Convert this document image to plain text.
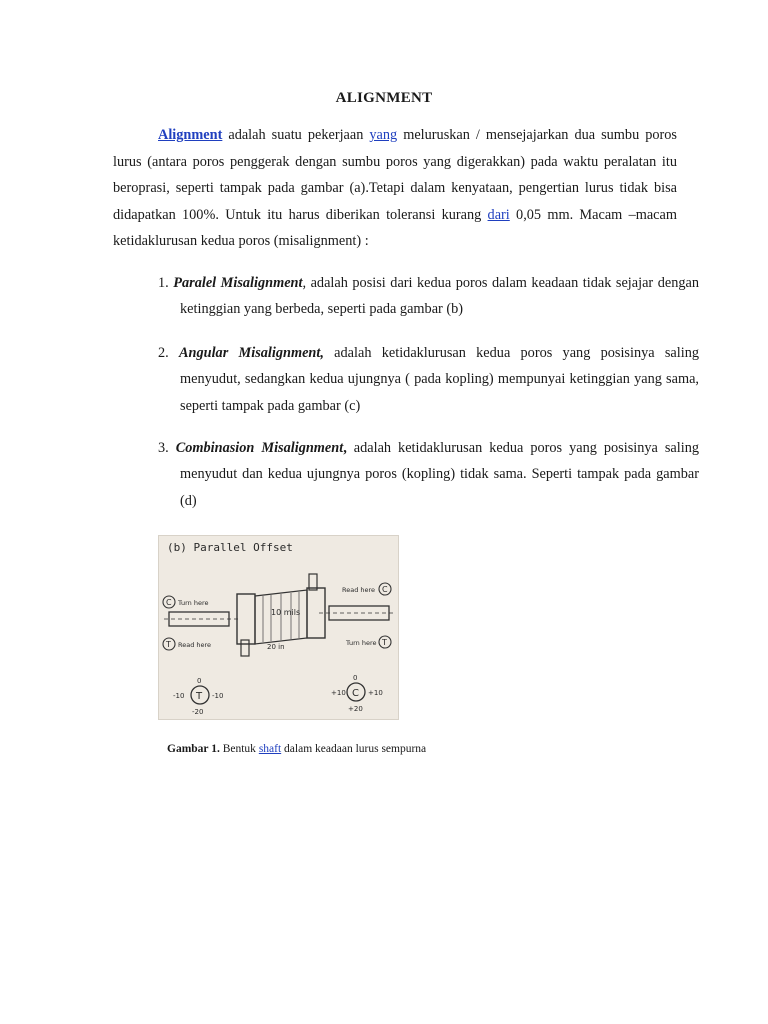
ALIGNMENT
Alignment adalah suatu pekerjaan yang meluruskan / mensejajarkan dua sumbu poros lurus (antara poros penggerak dengan sumbu poros yang digerakkan) pada waktu peralatan itu beroprasi, seperti tampak pada gambar (a).Tetapi dalam kenyataan, pengertian lurus tidak bisa didapatkan 100%. Untuk itu harus diberikan toleransi kurang dari 0,05 mm. Macam –macam ketidaklurusan kedua poros (misalignment) :
1. Paralel Misalignment, adalah posisi dari kedua poros dalam keadaan tidak sejajar dengan ketinggian yang berbeda, seperti pada gambar (b)
2. Angular Misalignment, adalah ketidaklurusan kedua poros yang posisinya saling menyudut, sedangkan kedua ujungnya ( pada kopling) mempunyai ketinggian yang sama, seperti tampak pada gambar (c)
3. Combinasion Misalignment, adalah ketidaklurusan kedua poros yang posisinya saling menyudut dan kedua ujungnya poros (kopling) tidak sama. Seperti tampak pada gambar (d)
(b) Parallel Offset
10 mils
20 in
C Turn here
T Read here
Read here C
Turn here T
T
0
-10	-10
-20
C
0
+10	+10
+20
Gambar 1. Bentuk shaft dalam keadaan lurus sempurna
